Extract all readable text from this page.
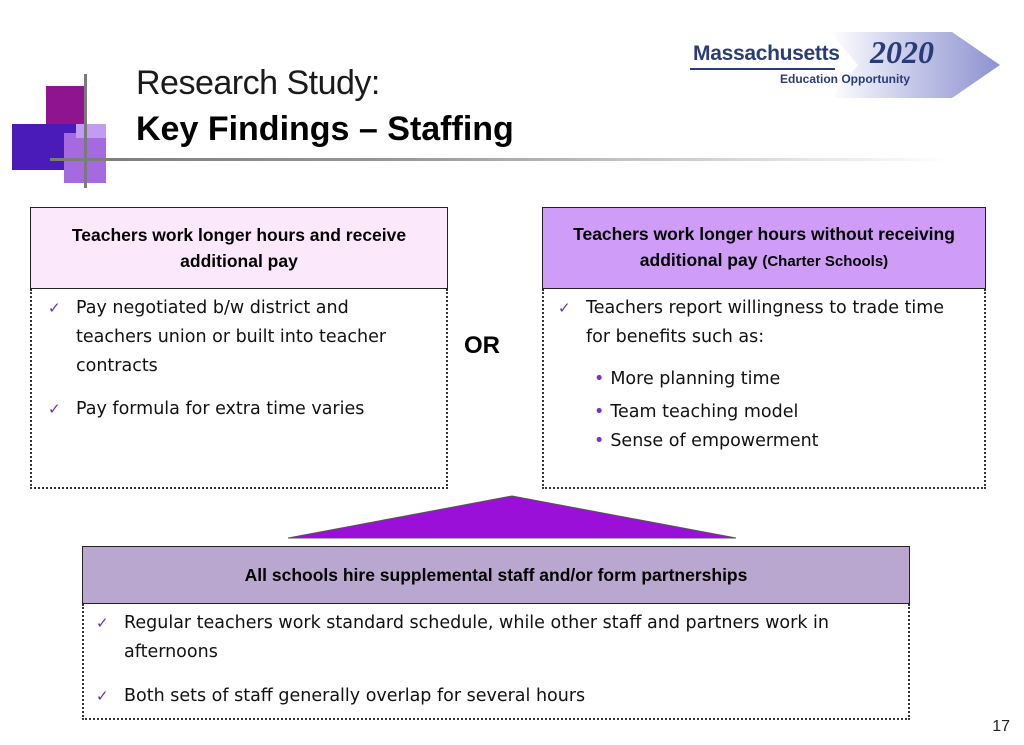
Research Study:
Key Findings – Staffing
Massachusetts 2020
Education Opportunity
Teachers work longer hours and receive additional pay
✓ Pay negotiated b/w district and teachers union or built into teacher contracts
✓ Pay formula for extra time varies
OR
Teachers work longer hours without receiving additional pay (Charter Schools)
✓ Teachers report willingness to trade time for benefits such as:
• More planning time
• Team teaching model
• Sense of empowerment
All schools hire supplemental staff and/or form partnerships
✓ Regular teachers work standard schedule, while other staff and partners work in afternoons
✓ Both sets of staff generally overlap for several hours
17
